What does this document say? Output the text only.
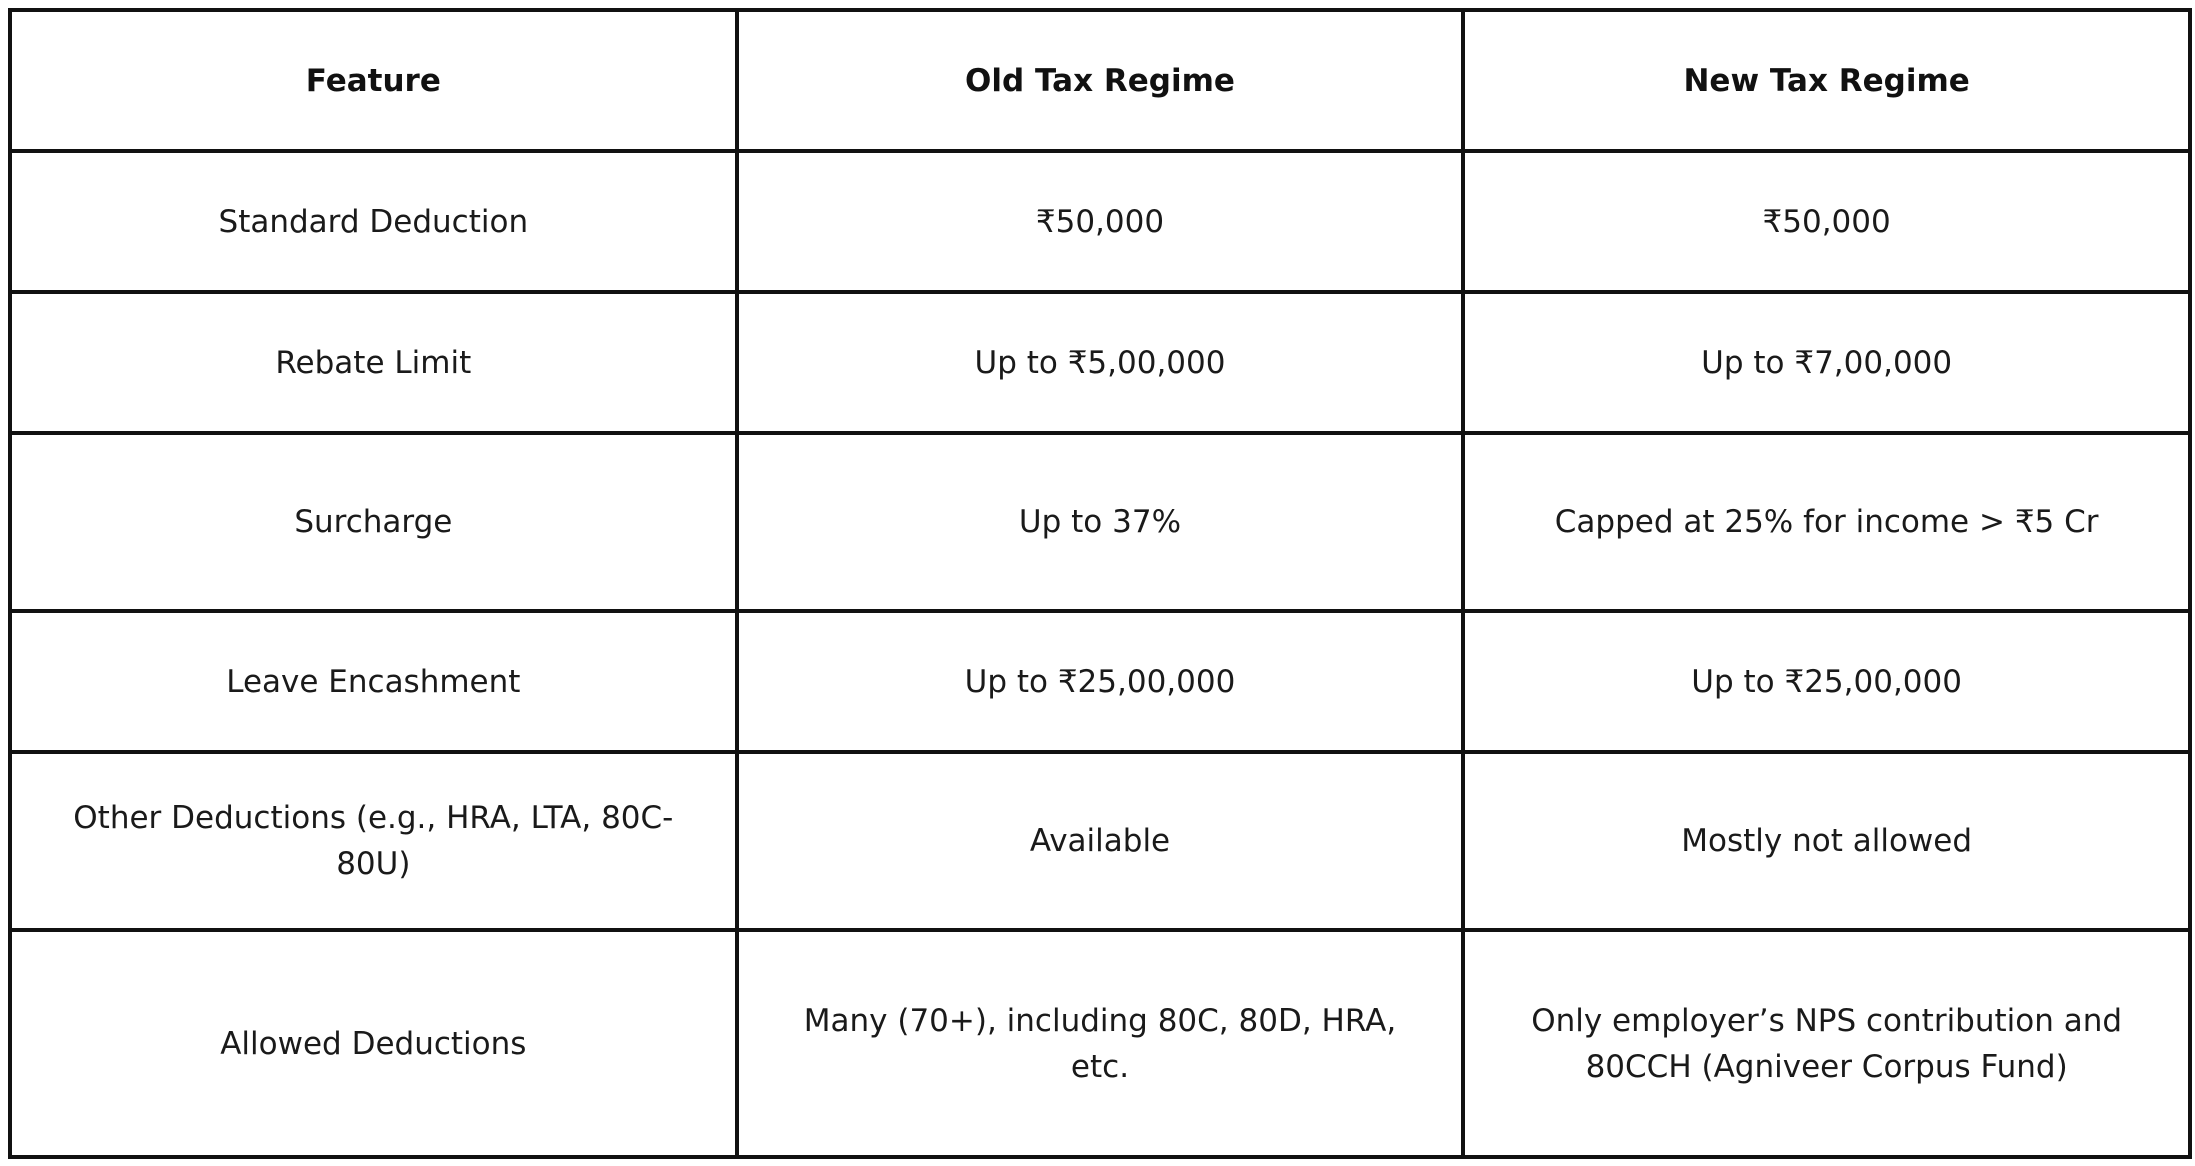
Feature	Old Tax Regime	New Tax Regime
Standard Deduction	₹50,000	₹50,000
Rebate Limit	Up to ₹5,00,000	Up to ₹7,00,000
Surcharge	Up to 37%	Capped at 25% for income > ₹5 Cr
Leave Encashment	Up to ₹25,00,000	Up to ₹25,00,000
Other Deductions (e.g., HRA, LTA, 80C-80U)	Available	Mostly not allowed
Allowed Deductions	Many (70+), including 80C, 80D, HRA, etc.	Only employer’s NPS contribution and 80CCH (Agniveer Corpus Fund)
